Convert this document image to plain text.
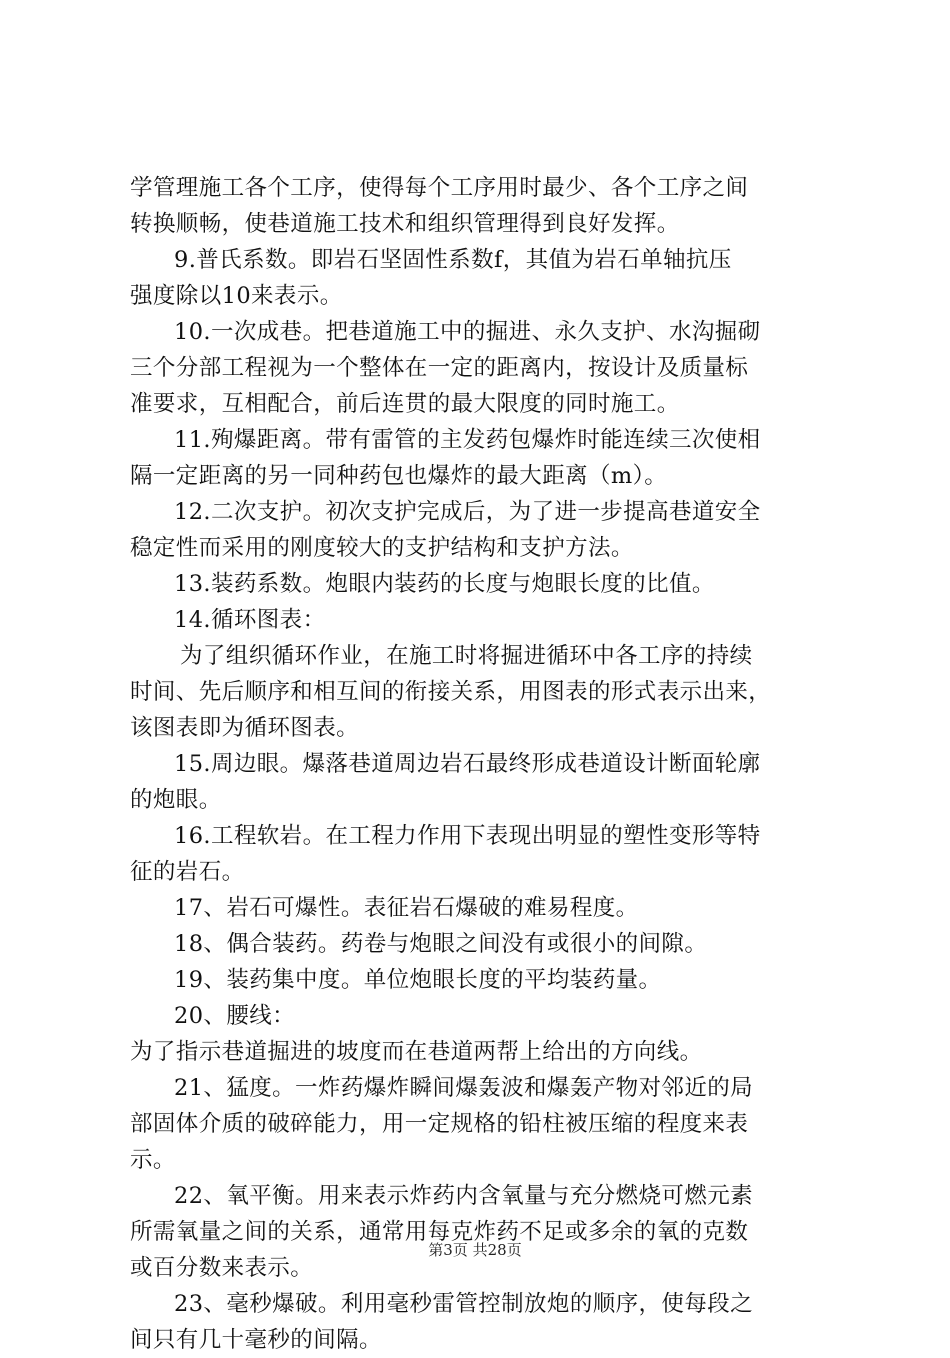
学管理施工各个工序，使得每个工序用时最少、各个工序之间
转换顺畅，使巷道施工技术和组织管理得到良好发挥。
9.普氏系数。即岩石坚固性系数f，其值为岩石单轴抗压
强度除以10来表示。
10.一次成巷。把巷道施工中的掘进、永久支护、水沟掘砌
三个分部工程视为一个整体在一定的距离内，按设计及质量标
准要求，互相配合，前后连贯的最大限度的同时施工。
11.殉爆距离。带有雷管的主发药包爆炸时能连续三次使相
隔一定距离的另一同种药包也爆炸的最大距离（m）。
12.二次支护。初次支护完成后，为了进一步提高巷道安全
稳定性而采用的刚度较大的支护结构和支护方法。
13.装药系数。炮眼内装药的长度与炮眼长度的比值。
14.循环图表：
为了组织循环作业，在施工时将掘进循环中各工序的持续
时间、先后顺序和相互间的衔接关系，用图表的形式表示出来，
该图表即为循环图表。
15.周边眼。爆落巷道周边岩石最终形成巷道设计断面轮廓
的炮眼。
16.工程软岩。在工程力作用下表现出明显的塑性变形等特
征的岩石。
17、岩石可爆性。表征岩石爆破的难易程度。
18、偶合装药。药卷与炮眼之间没有或很小的间隙。
19、装药集中度。单位炮眼长度的平均装药量。
20、腰线：
为了指示巷道掘进的坡度而在巷道两帮上给出的方向线。
21、猛度。一炸药爆炸瞬间爆轰波和爆轰产物对邻近的局
部固体介质的破碎能力，用一定规格的铅柱被压缩的程度来表
示。
22、氧平衡。用来表示炸药内含氧量与充分燃烧可燃元素
所需氧量之间的关系，通常用每克炸药不足或多余的氧的克数
或百分数来表示。
23、毫秒爆破。利用毫秒雷管控制放炮的顺序，使每段之
间只有几十毫秒的间隔。
第3页 共28页
